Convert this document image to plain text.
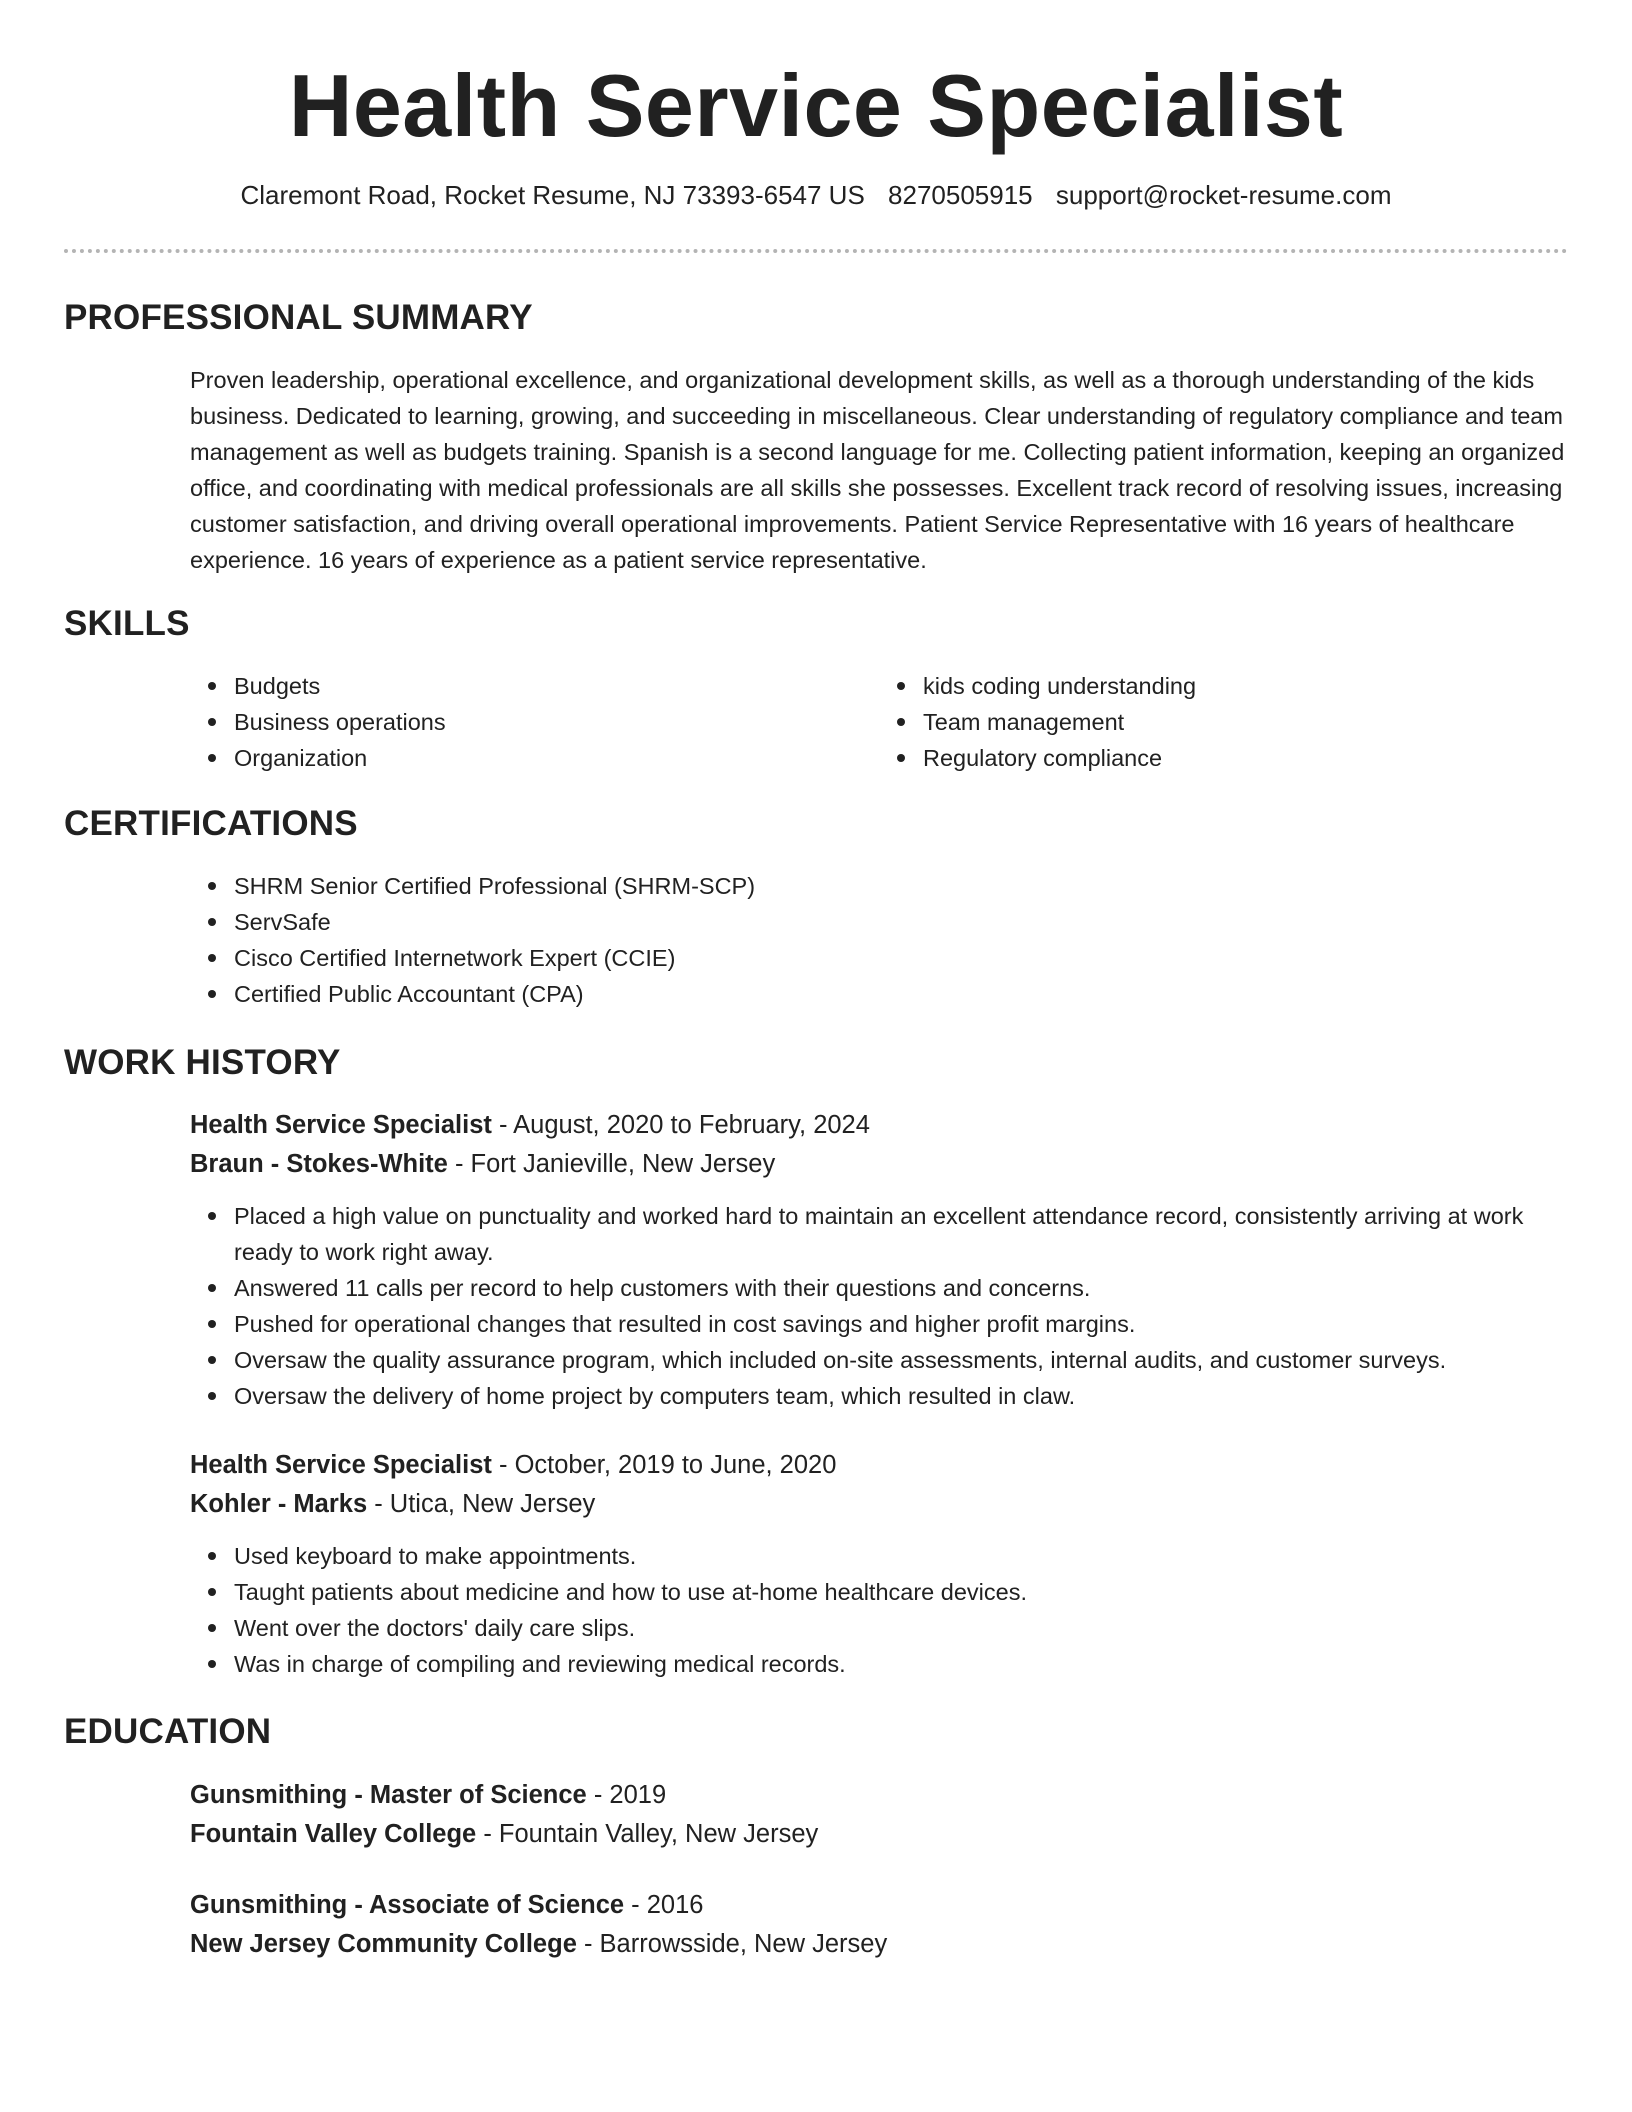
Health Service Specialist

Claremont Road, Rocket Resume, NJ 73393-6547 US 8270505915 support@rocket-resume.com

PROFESSIONAL SUMMARY

Proven leadership, operational excellence, and organizational development skills, as well as a thorough understanding of the kids business. Dedicated to learning, growing, and succeeding in miscellaneous. Clear understanding of regulatory compliance and team management as well as budgets training. Spanish is a second language for me. Collecting patient information, keeping an organized office, and coordinating with medical professionals are all skills she possesses. Excellent track record of resolving issues, increasing customer satisfaction, and driving overall operational improvements. Patient Service Representative with 16 years of healthcare experience. 16 years of experience as a patient service representative.

SKILLS
Budgets
Business operations
Organization
kids coding understanding
Team management
Regulatory compliance
CERTIFICATIONS
SHRM Senior Certified Professional (SHRM-SCP)
ServSafe
Cisco Certified Internetwork Expert (CCIE)
Certified Public Accountant (CPA)
WORK HISTORY
Health Service Specialist - August, 2020 to February, 2024
Braun - Stokes-White - Fort Janieville, New Jersey
Placed a high value on punctuality and worked hard to maintain an excellent attendance record, consistently arriving at work ready to work right away.
Answered 11 calls per record to help customers with their questions and concerns.
Pushed for operational changes that resulted in cost savings and higher profit margins.
Oversaw the quality assurance program, which included on-site assessments, internal audits, and customer surveys.
Oversaw the delivery of home project by computers team, which resulted in claw.
Health Service Specialist - October, 2019 to June, 2020
Kohler - Marks - Utica, New Jersey
Used keyboard to make appointments.
Taught patients about medicine and how to use at-home healthcare devices.
Went over the doctors' daily care slips.
Was in charge of compiling and reviewing medical records.
EDUCATION
Gunsmithing - Master of Science - 2019
Fountain Valley College - Fountain Valley, New Jersey
Gunsmithing - Associate of Science - 2016
New Jersey Community College - Barrowsside, New Jersey
